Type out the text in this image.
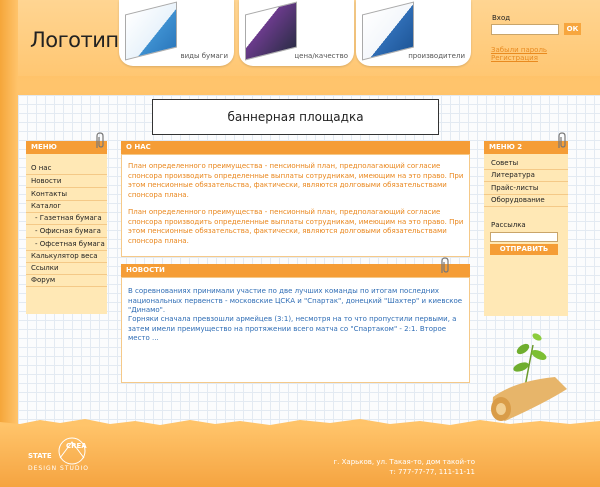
Логотип
виды бумаги	цена/качество	производители
Вход
ОК
Забыли пароль
Регистрация
баннерная площадка
МЕНЮ
О нас
Новости
Контакты
Каталог
- Газетная бумага
- Офисная бумага
- Офсетная бумага
Калькулятор веса
Ссылки
Форум
О НАС
План определенного преимущества - пенсионный план, предполагающий согласие спонсора производить определенные выплаты сотрудникам, имеющим на это право. При этом пенсионные обязательства, фактически, являются долговыми обязательствами спонсора плана.
План определенного преимущества - пенсионный план, предполагающий согласие спонсора производить определенные выплаты сотрудникам, имеющим на это право. При этом пенсионные обязательства, фактически, являются долговыми обязательствами спонсора плана.
НОВОСТИ
В соревнованиях принимали участие по две лучших команды по итогам последних национальных первенств - московские ЦСКА и "Спартак", донецкий "Шахтер" и киевское "Динамо".
Горняки сначала превзошли армейцев (3:1), несмотря на то что пропустили первыми, а затем имели преимущество на протяжении всего матча со "Спартаком" - 2:1. Второе место ...
МЕНЮ 2
Советы
Литература
Прайс-листы
Оборудование
Рассылка
ОТПРАВИТЬ
CREA
STATE
DESIGN STUDIO
г. Харьков, ул. Такая-то, дом такой-то
т: 777-77-77, 111-11-11
